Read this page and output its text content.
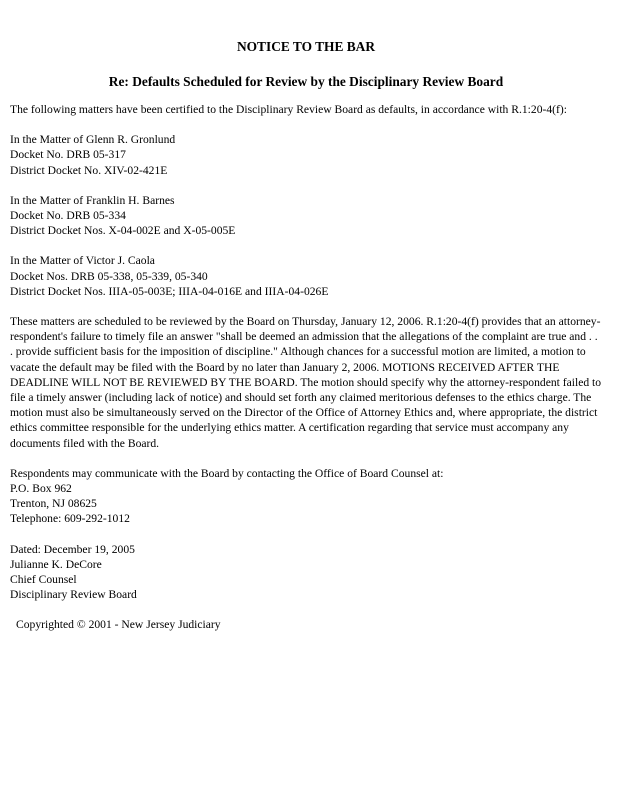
NOTICE TO THE BAR
Re: Defaults Scheduled for Review by the Disciplinary Review Board

The following matters have been certified to the Disciplinary Review Board as defaults, in accordance with R.1:20-4(f):

In the Matter of Glenn R. Gronlund
Docket No. DRB 05-317
District Docket No. XIV-02-421E
In the Matter of Franklin H. Barnes
Docket No. DRB 05-334
District Docket Nos. X-04-002E and X-05-005E
In the Matter of Victor J. Caola
Docket Nos. DRB 05-338, 05-339, 05-340
District Docket Nos. IIIA-05-003E; IIIA-04-016E and IIIA-04-026E

These matters are scheduled to be reviewed by the Board on Thursday, January 12, 2006. R.1:20-4(f) provides that an attorney-respondent's failure to timely file an answer "shall be deemed an admission that the allegations of the complaint are true and . . . provide sufficient basis for the imposition of discipline." Although chances for a successful motion are limited, a motion to vacate the default may be filed with the Board by no later than January 2, 2006. MOTIONS RECEIVED AFTER THE DEADLINE WILL NOT BE REVIEWED BY THE BOARD. The motion should specify why the attorney-respondent failed to file a timely answer (including lack of notice) and should set forth any claimed meritorious defenses to the ethics charge. The motion must also be simultaneously served on the Director of the Office of Attorney Ethics and, where appropriate, the district ethics committee responsible for the underlying ethics matter. A certification regarding that service must accompany any documents filed with the Board.

Respondents may communicate with the Board by contacting the Office of Board Counsel at:
P.O. Box 962
Trenton, NJ 08625
Telephone: 609-292-1012
Dated: December 19, 2005
Julianne K. DeCore
Chief Counsel
Disciplinary Review Board
Copyrighted © 2001 - New Jersey Judiciary
